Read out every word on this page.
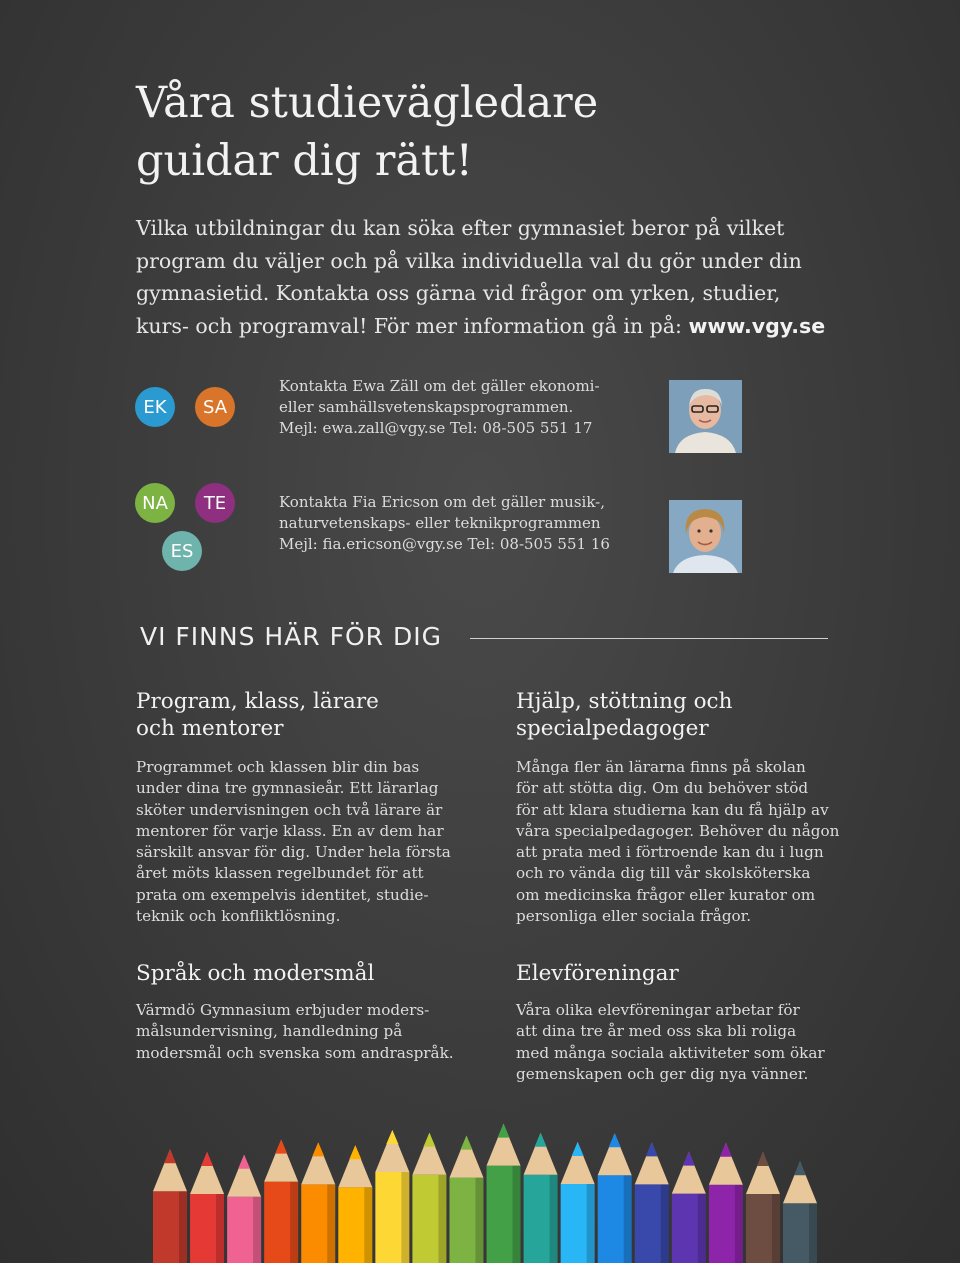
Våra studievägledare
guidar dig rätt!
Vilka utbildningar du kan söka efter gymnasiet beror på vilket
program du väljer och på vilka individuella val du gör under din
gymnasietid. Kontakta oss gärna vid frågor om yrken, studier,
kurs- och programval! För mer information gå in på: www.vgy.se
EK SA
Kontakta Ewa Zäll om det gäller ekonomi-
eller samhällsvetenskapsprogrammen.
Mejl: ewa.zall@vgy.se Tel: 08-505 551 17
NA TE
ES
Kontakta Fia Ericson om det gäller musik-,
naturvetenskaps- eller teknikprogrammen
Mejl: fia.ericson@vgy.se Tel: 08-505 551 16
VI FINNS HÄR FÖR DIG
Program, klass, lärare
och mentorer
Programmet och klassen blir din bas
under dina tre gymnasieår. Ett lärarlag
sköter undervisningen och två lärare är
mentorer för varje klass. En av dem har
särskilt ansvar för dig. Under hela första
året möts klassen regelbundet för att
prata om exempelvis identitet, studie-
teknik och konfliktlösning.
Språk och modersmål
Värmdö Gymnasium erbjuder moders-
målsundervisning, handledning på
modersmål och svenska som andraspråk.
Hjälp, stöttning och
specialpedagoger
Många fler än lärarna finns på skolan
för att stötta dig. Om du behöver stöd
för att klara studierna kan du få hjälp av
våra specialpedagoger. Behöver du någon
att prata med i förtroende kan du i lugn
och ro vända dig till vår skolsköterska
om medicinska frågor eller kurator om
personliga eller sociala frågor.
Elevföreningar
Våra olika elevföreningar arbetar för
att dina tre år med oss ska bli roliga
med många sociala aktiviteter som ökar
gemenskapen och ger dig nya vänner.
